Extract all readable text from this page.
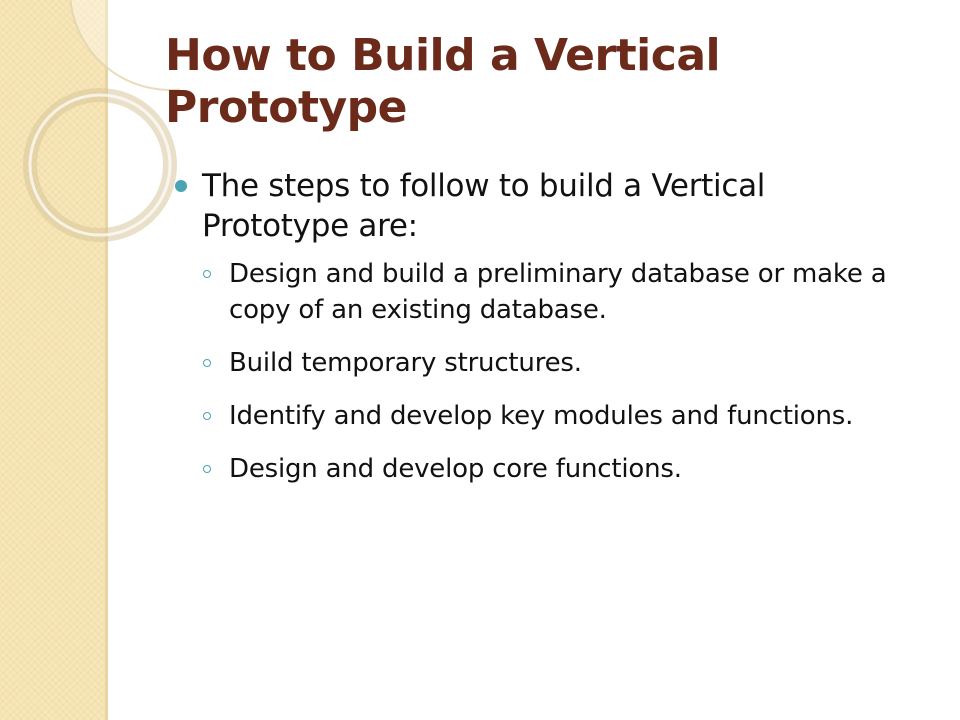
How to Build a Vertical Prototype
The steps to follow to build a Vertical Prototype are:
Design and build a preliminary database or make a copy of an existing database.
Build temporary structures.
Identify and develop key modules and functions.
Design and develop core functions.
